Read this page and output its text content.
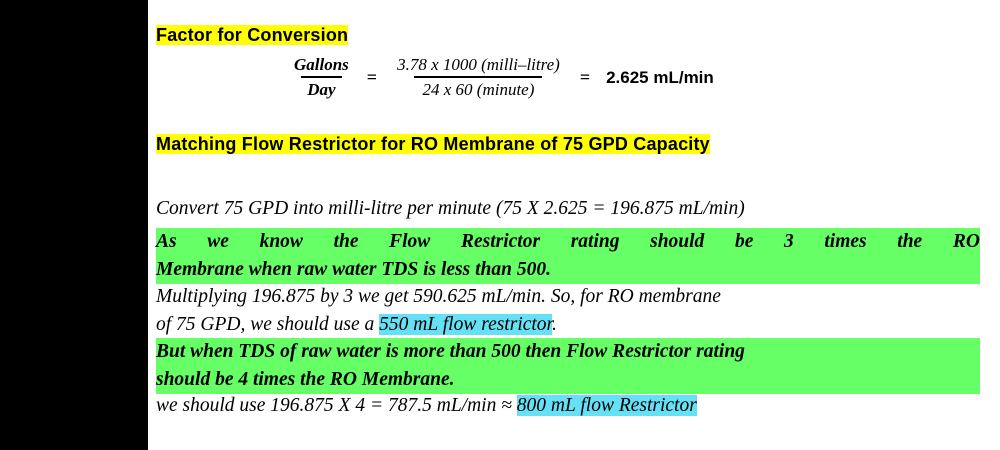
Factor for Conversion
$\frac{\text{Gallons}}{\text{Day}} = \frac{\text{3.78 x 1000 (milli–litre)}}{\text{24 x 60 (minute)}} = 2.625$ mL/min
Matching Flow Restrictor for RO Membrane of 75 GPD Capacity
Convert 75 GPD into milli-litre per minute (75 X 2.625 = 196.875 mL/min)
As we know the Flow Restrictor rating should be 3 times the RO
Membrane when raw water TDS is less than 500.
Multiplying 196.875 by 3 we get 590.625 mL/min. So, for RO membrane
of 75 GPD, we should use a 550 mL flow restrictor.
But when TDS of raw water is more than 500 then Flow Restrictor rating
should be 4 times the RO Membrane.
we should use 196.875 X 4 = 787.5 mL/min ≈ 800 mL flow Restrictor
